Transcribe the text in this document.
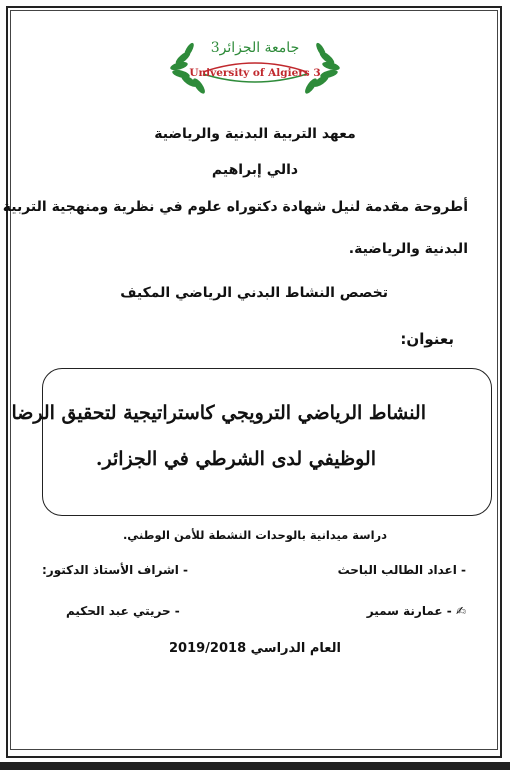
جامعة الجزائر3
University of Algiers 3
معهد التربية البدنية والرياضية
دالي إبراهيم
أطروحة مقدمة لنيل شهادة دكتوراه علوم في نظرية ومنهجية التربية
البدنية والرياضية.
تخصص النشاط البدني الرياضي المكيف
بعنوان:
النشاط الرياضي الترويجي كاستراتيجية لتحقيق الرضا
الوظيفي لدى الشرطي في الجزائر.
دراسة ميدانية بالوحدات النشطة للأمن الوطني.
- اعداد الطالب الباحث
- اشراف الأستاذ الدكتور:
✍ - عمارنة سمير
- حريتي عبد الحكيم
العام الدراسي 2019/2018
